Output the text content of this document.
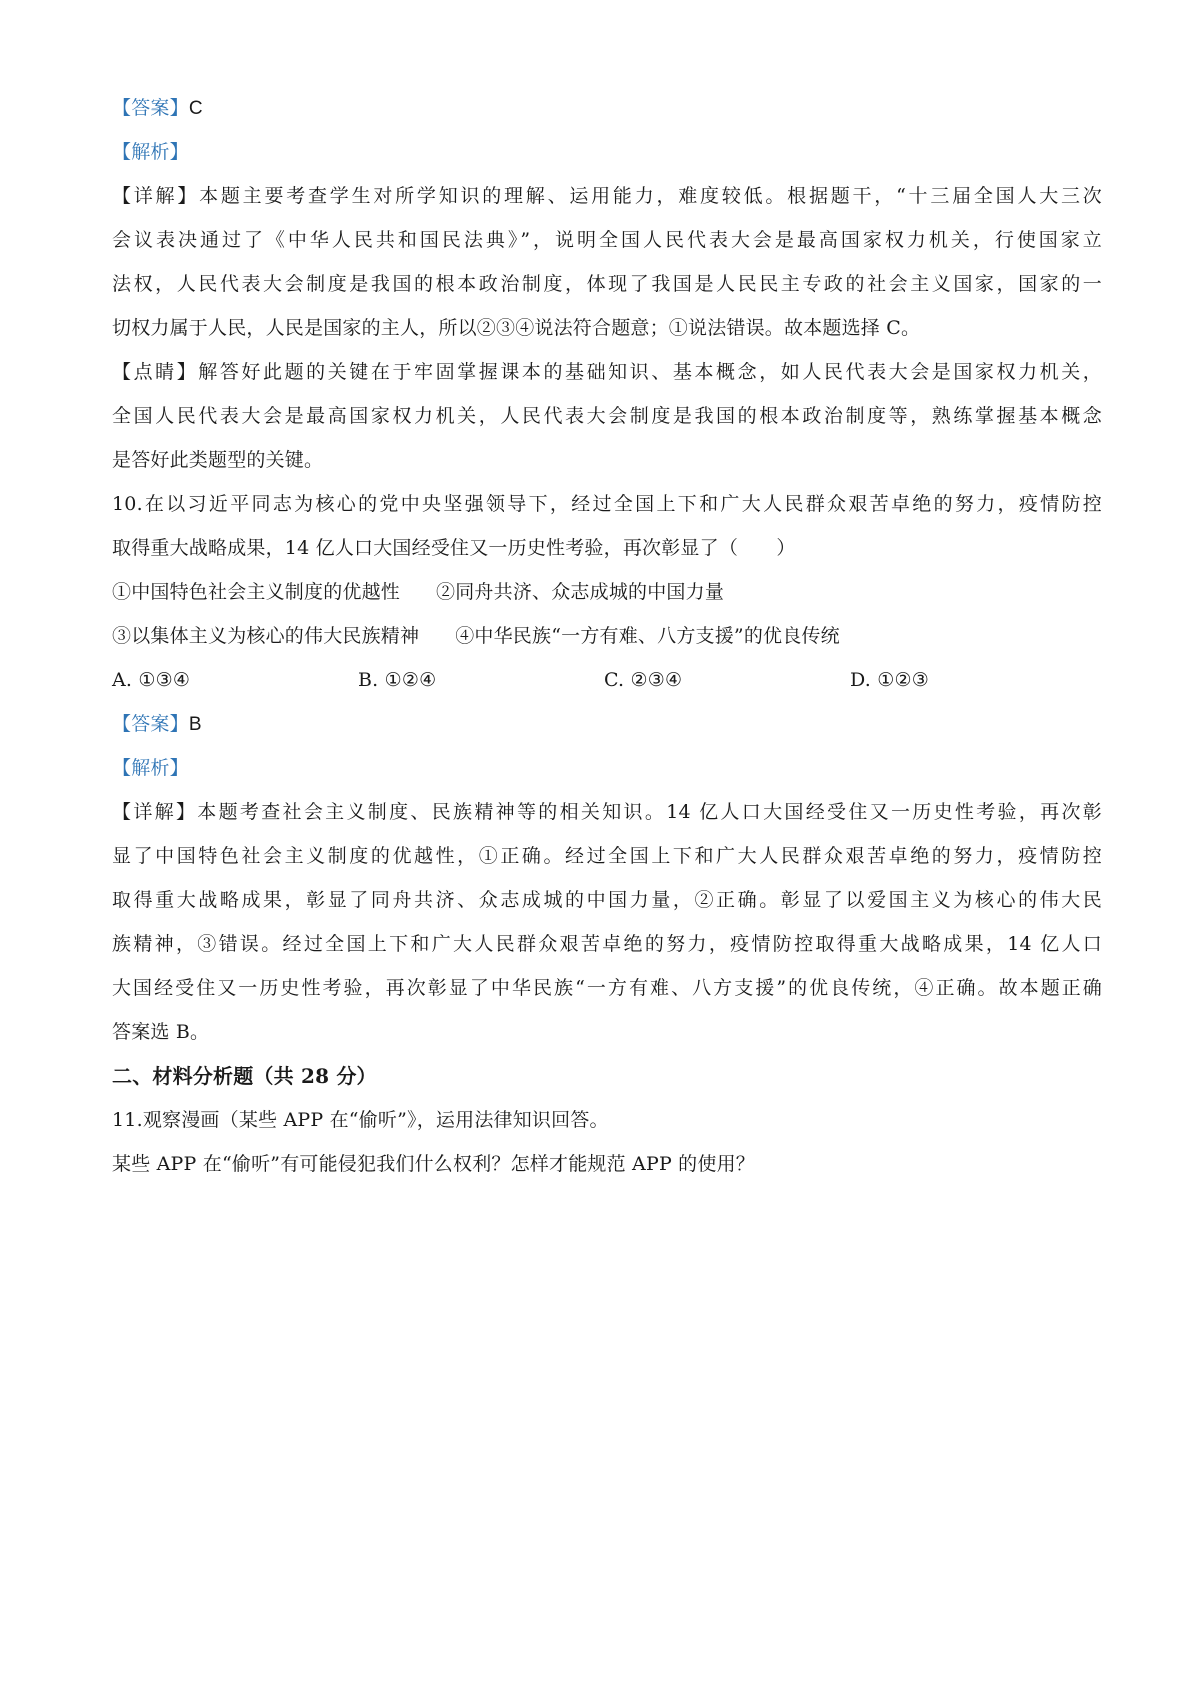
【答案】C
【解析】
【详解】本题主要考查学生对所学知识的理解、运用能力，难度较低。根据题干，“十三届全国人大三次
会议表决通过了《中华人民共和国民法典》”，说明全国人民代表大会是最高国家权力机关，行使国家立
法权，人民代表大会制度是我国的根本政治制度，体现了我国是人民民主专政的社会主义国家，国家的一
切权力属于人民，人民是国家的主人，所以②③④说法符合题意；①说法错误。故本题选择 C。
【点睛】解答好此题的关键在于牢固掌握课本的基础知识、基本概念，如人民代表大会是国家权力机关，
全国人民代表大会是最高国家权力机关，人民代表大会制度是我国的根本政治制度等，熟练掌握基本概念
是答好此类题型的关键。
10.在以习近平同志为核心的党中央坚强领导下，经过全国上下和广大人民群众艰苦卓绝的努力，疫情防控
取得重大战略成果，14 亿人口大国经受住又一历史性考验，再次彰显了（　　）
①中国特色社会主义制度的优越性 ②同舟共济、众志成城的中国力量
③以集体主义为核心的伟大民族精神 ④中华民族“一方有难、八方支援”的优良传统
A. ①③④	B. ①②④	C. ②③④	D. ①②③
【答案】B
【解析】
【详解】本题考查社会主义制度、民族精神等的相关知识。14 亿人口大国经受住又一历史性考验，再次彰
显了中国特色社会主义制度的优越性，①正确。经过全国上下和广大人民群众艰苦卓绝的努力，疫情防控
取得重大战略成果，彰显了同舟共济、众志成城的中国力量，②正确。彰显了以爱国主义为核心的伟大民
族精神，③错误。经过全国上下和广大人民群众艰苦卓绝的努力，疫情防控取得重大战略成果，14 亿人口
大国经受住又一历史性考验，再次彰显了中华民族“一方有难、八方支援”的优良传统，④正确。故本题正确
答案选 B。
二、材料分析题（共 28 分）
11.观察漫画（某些 APP 在“偷听”》，运用法律知识回答。
某些 APP 在“偷听”有可能侵犯我们什么权利？怎样才能规范 APP 的使用？
